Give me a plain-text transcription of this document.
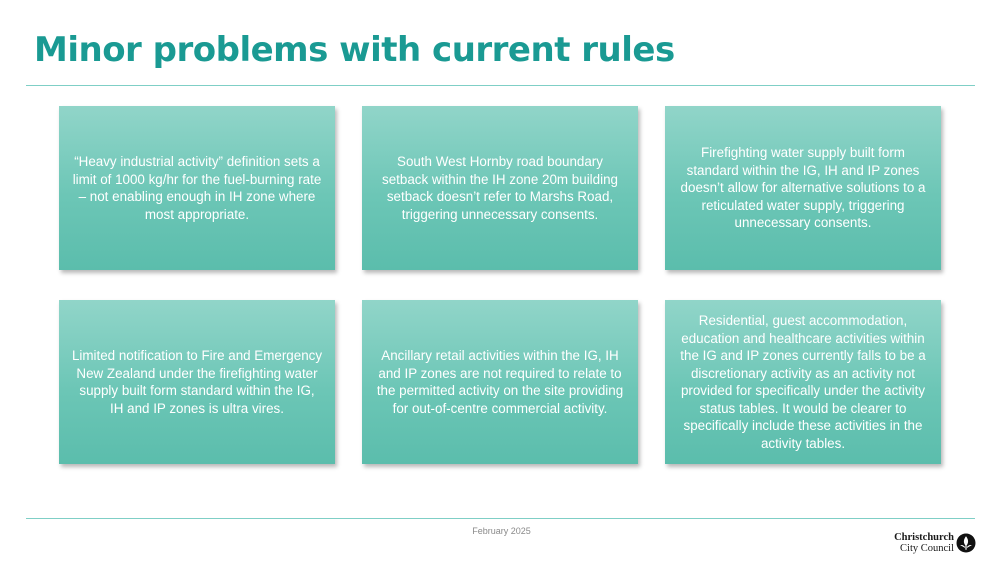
Minor problems with current rules
“Heavy industrial activity” definition sets a limit of 1000 kg/hr for the fuel-burning rate – not enabling enough in IH zone where most appropriate.
South West Hornby road boundary setback within the IH zone 20m building setback doesn’t refer to Marshs Road, triggering unnecessary consents.
Firefighting water supply built form standard within the IG, IH and IP zones doesn’t allow for alternative solutions to a reticulated water supply, triggering unnecessary consents.
Limited notification to Fire and Emergency New Zealand under the firefighting water supply built form standard within the IG, IH and IP zones is ultra vires.
Ancillary retail activities within the IG, IH and IP zones are not required to relate to the permitted activity on the site providing for out-of-centre commercial activity.
Residential, guest accommodation, education and healthcare activities within the IG and IP zones currently falls to be a discretionary activity as an activity not provided for specifically under the activity status tables. It would be clearer to specifically include these activities in the activity tables.
February 2025
Christchurch
City Council
